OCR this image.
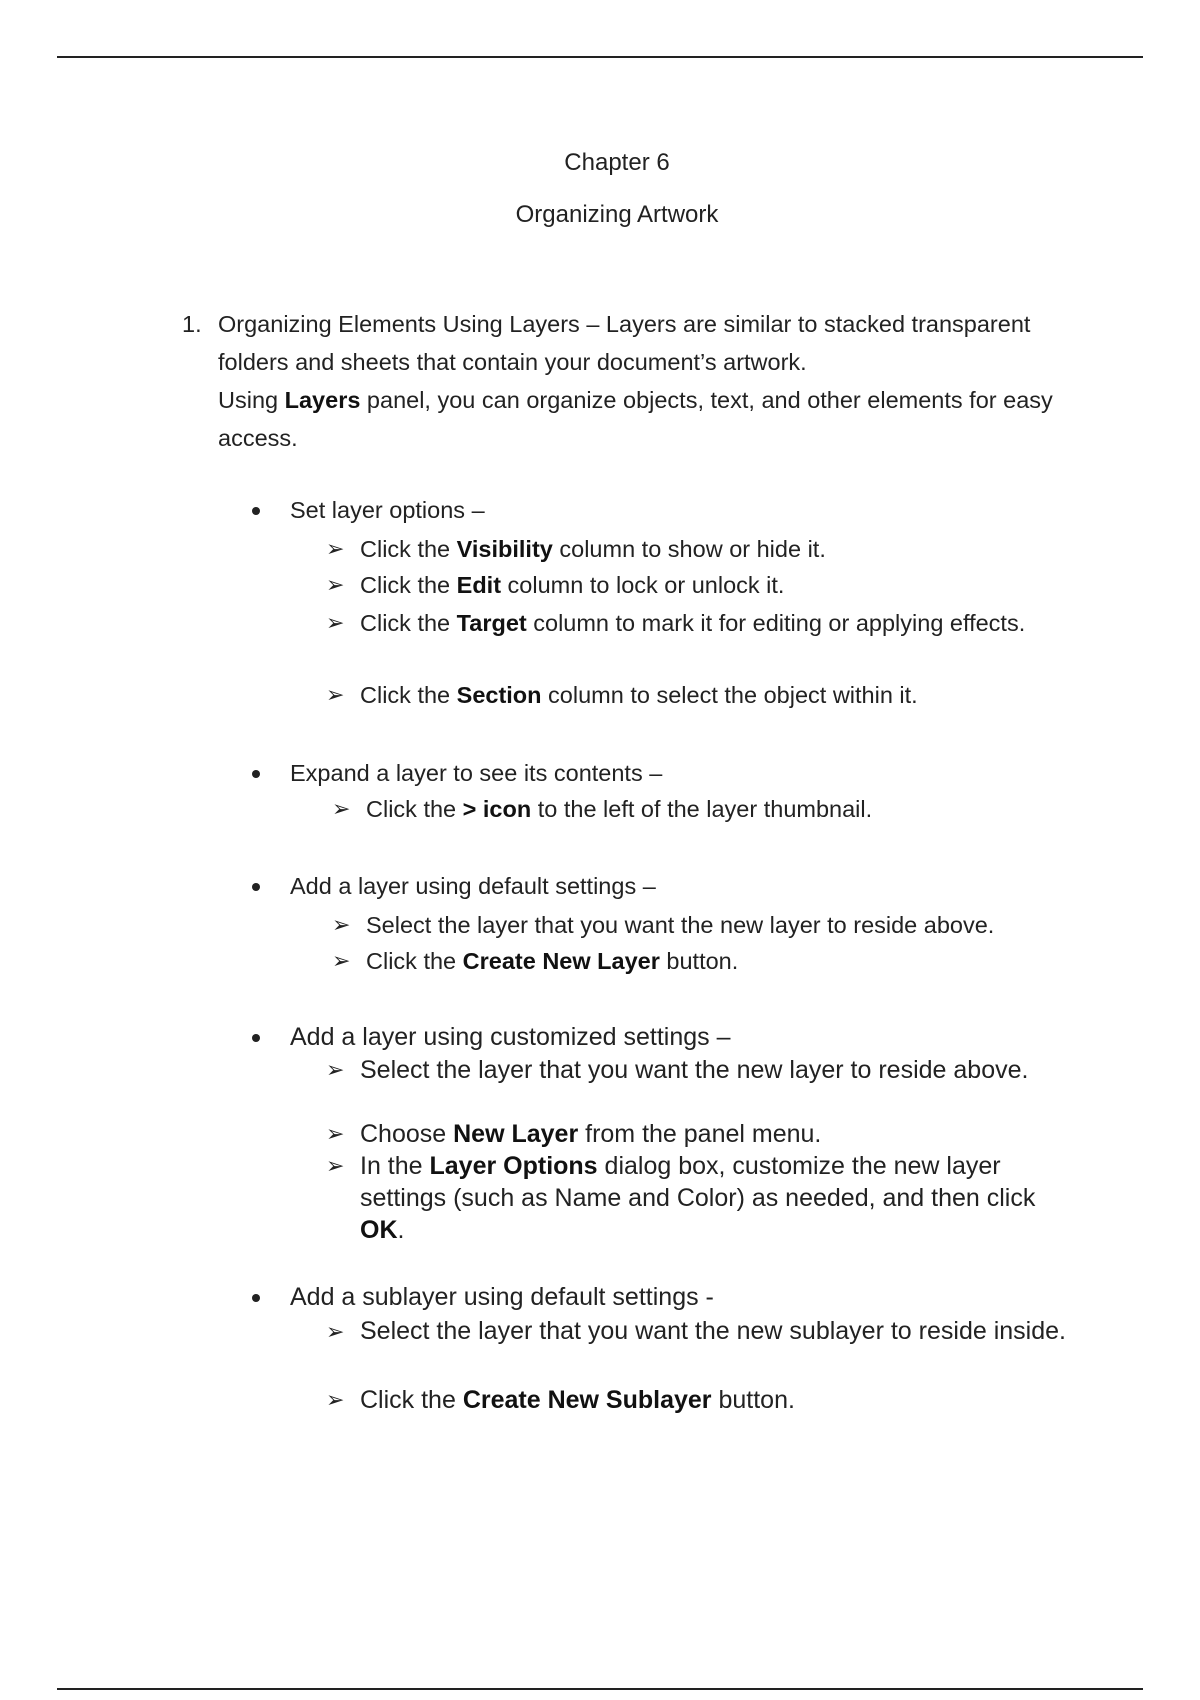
Chapter 6
Organizing Artwork
1. Organizing Elements Using Layers – Layers are similar to stacked transparent folders and sheets that contain your document’s artwork.
Using Layers panel, you can organize objects, text, and other elements for easy access.
Set layer options –
➢ Click the Visibility column to show or hide it.
➢ Click the Edit column to lock or unlock it.
➢ Click the Target column to mark it for editing or applying effects.
➢ Click the Section column to select the object within it.
Expand a layer to see its contents –
➢ Click the > icon to the left of the layer thumbnail.
Add a layer using default settings –
➢ Select the layer that you want the new layer to reside above.
➢ Click the Create New Layer button.
Add a layer using customized settings –
➢ Select the layer that you want the new layer to reside above.
➢ Choose New Layer from the panel menu.
➢ In the Layer Options dialog box, customize the new layer settings (such as Name and Color) as needed, and then click OK.
Add a sublayer using default settings -
➢ Select the layer that you want the new sublayer to reside inside.
➢ Click the Create New Sublayer button.
